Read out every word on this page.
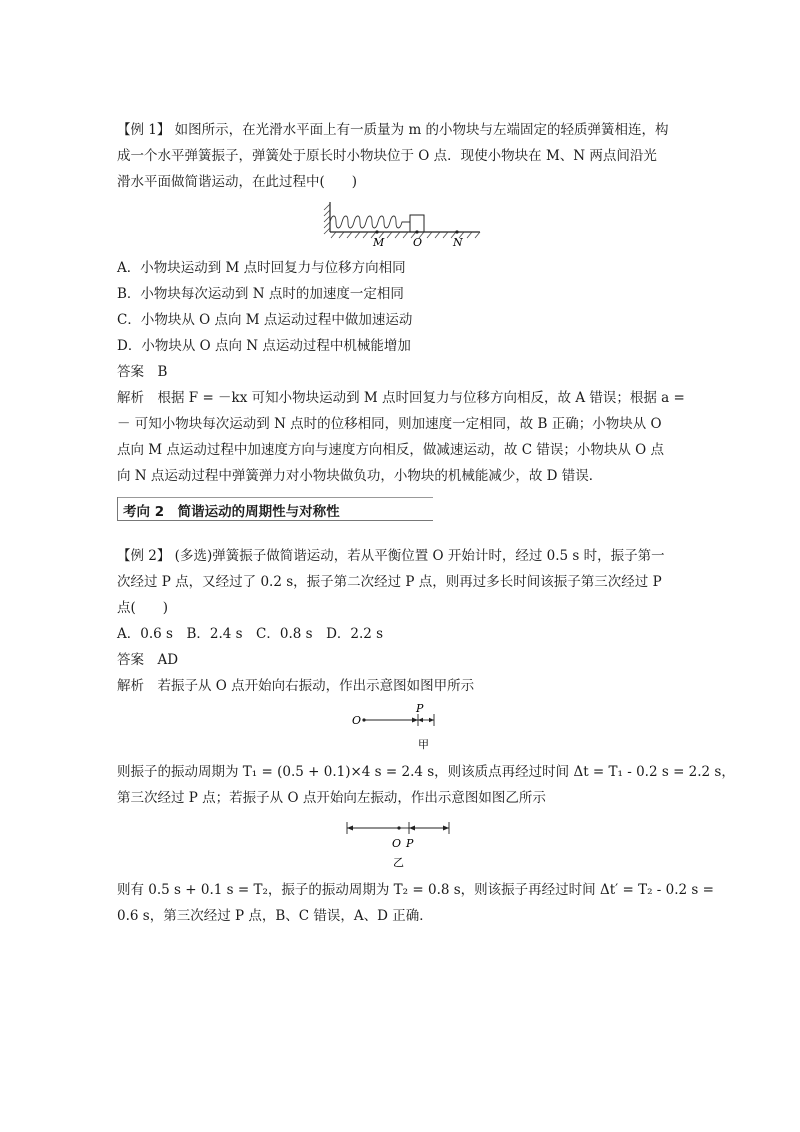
【例 1】 如图所示，在光滑水平面上有一质量为 m 的小物块与左端固定的轻质弹簧相连，构
成一个水平弹簧振子，弹簧处于原长时小物块位于 O 点．现使小物块在 M、N 两点间沿光
滑水平面做简谐运动，在此过程中(　　)
M	O	N
A．小物块运动到 M 点时回复力与位移方向相同
B．小物块每次运动到 N 点时的加速度一定相同
C．小物块从 O 点向 M 点运动过程中做加速运动
D．小物块从 O 点向 N 点运动过程中机械能增加
答案　B
解析　根据 F = －kx 可知小物块运动到 M 点时回复力与位移方向相反，故 A 错误；根据 a =
－ 可知小物块每次运动到 N 点时的位移相同，则加速度一定相同，故 B 正确；小物块从 O
点向 M 点运动过程中加速度方向与速度方向相反，做减速运动，故 C 错误；小物块从 O 点
向 N 点运动过程中弹簧弹力对小物块做负功，小物块的机械能减少，故 D 错误．
考向 2　简谐运动的周期性与对称性
【例 2】 (多选)弹簧振子做简谐运动，若从平衡位置 O 开始计时，经过 0.5 s 时，振子第一
次经过 P 点，又经过了 0.2 s，振子第二次经过 P 点，则再过多长时间该振子第三次经过 P
点(　　)
A．0.6 s　B．2.4 s　C．0.8 s　D．2.2 s
答案　AD
解析　若振子从 O 点开始向右振动，作出示意图如图甲所示
O
P
甲
则振子的振动周期为 T₁ = (0.5 + 0.1)×4 s = 2.4 s，则该质点再经过时间 Δt = T₁ - 0.2 s = 2.2 s，
第三次经过 P 点；若振子从 O 点开始向左振动，作出示意图如图乙所示
O P
乙
则有 0.5 s + 0.1 s = T₂，振子的振动周期为 T₂ = 0.8 s，则该振子再经过时间 Δt′ = T₂ - 0.2 s =
0.6 s，第三次经过 P 点，B、C 错误，A、D 正确．
